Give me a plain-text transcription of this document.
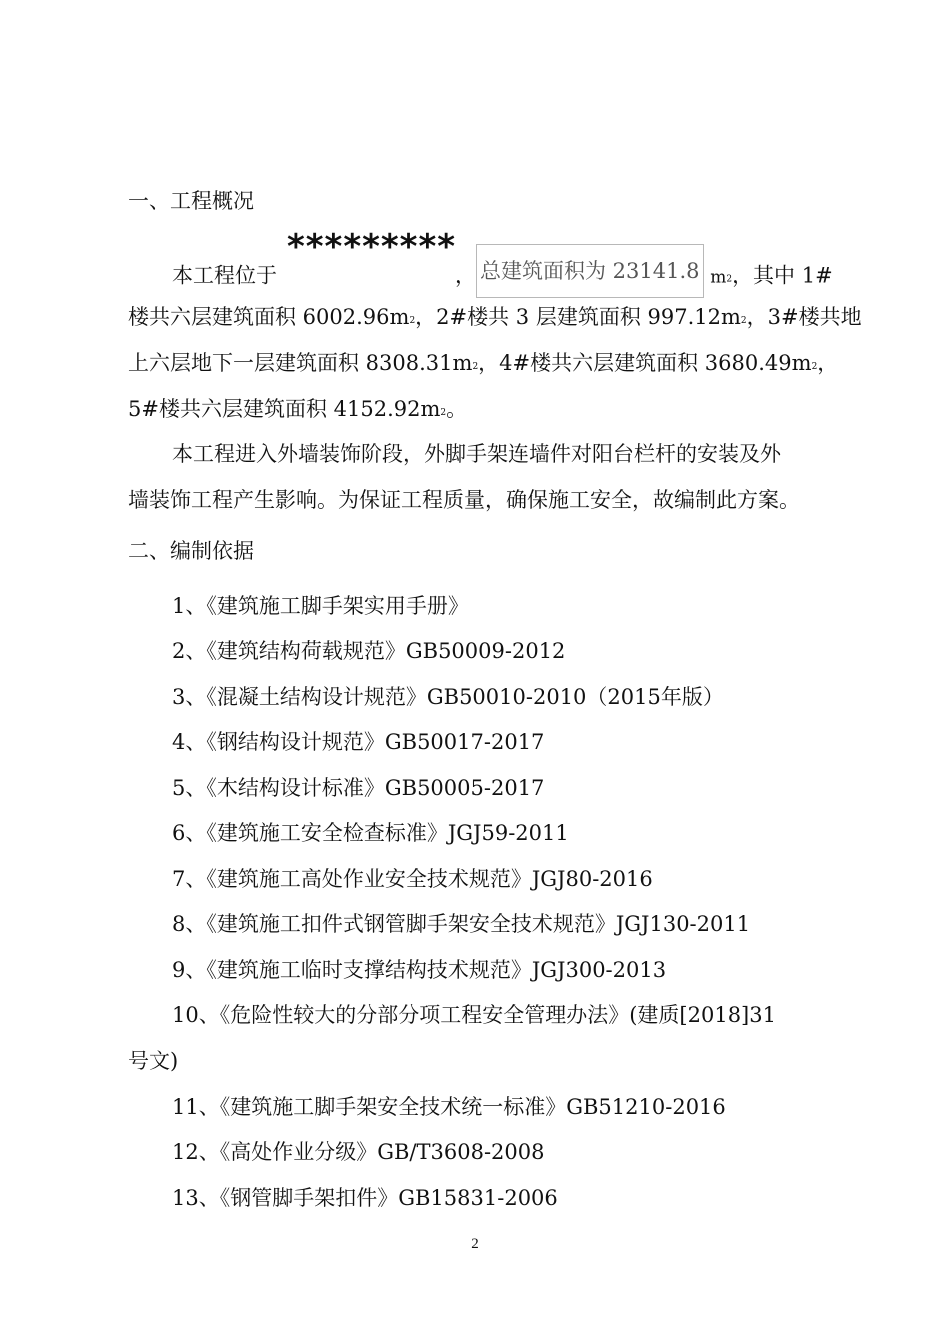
一、工程概况
*********
本工程位于	， 总建筑面积为 23141.8 m2，其中 1#
楼共六层建筑面积 6002.96m2，2#楼共 3 层建筑面积 997.12m2，3#楼共地
上六层地下一层建筑面积 8308.31m2，4#楼共六层建筑面积 3680.49m2，
5#楼共六层建筑面积 4152.92m2。
本工程进入外墙装饰阶段，外脚手架连墙件对阳台栏杆的安装及外
墙装饰工程产生影响。为保证工程质量，确保施工安全，故编制此方案。
二、编制依据
1、《建筑施工脚手架实用手册》
2、《建筑结构荷载规范》GB50009-2012
3、《混凝土结构设计规范》GB50010-2010（2015年版）
4、《钢结构设计规范》GB50017-2017
5、《木结构设计标准》GB50005-2017
6、《建筑施工安全检查标准》JGJ59-2011
7、《建筑施工高处作业安全技术规范》JGJ80-2016
8、《建筑施工扣件式钢管脚手架安全技术规范》JGJ130-2011
9、《建筑施工临时支撑结构技术规范》JGJ300-2013
10、《危险性较大的分部分项工程安全管理办法》(建质[2018]31
号文)
11、《建筑施工脚手架安全技术统一标准》GB51210-2016
12、《高处作业分级》GB/T3608-2008
13、《钢管脚手架扣件》GB15831-2006
2
